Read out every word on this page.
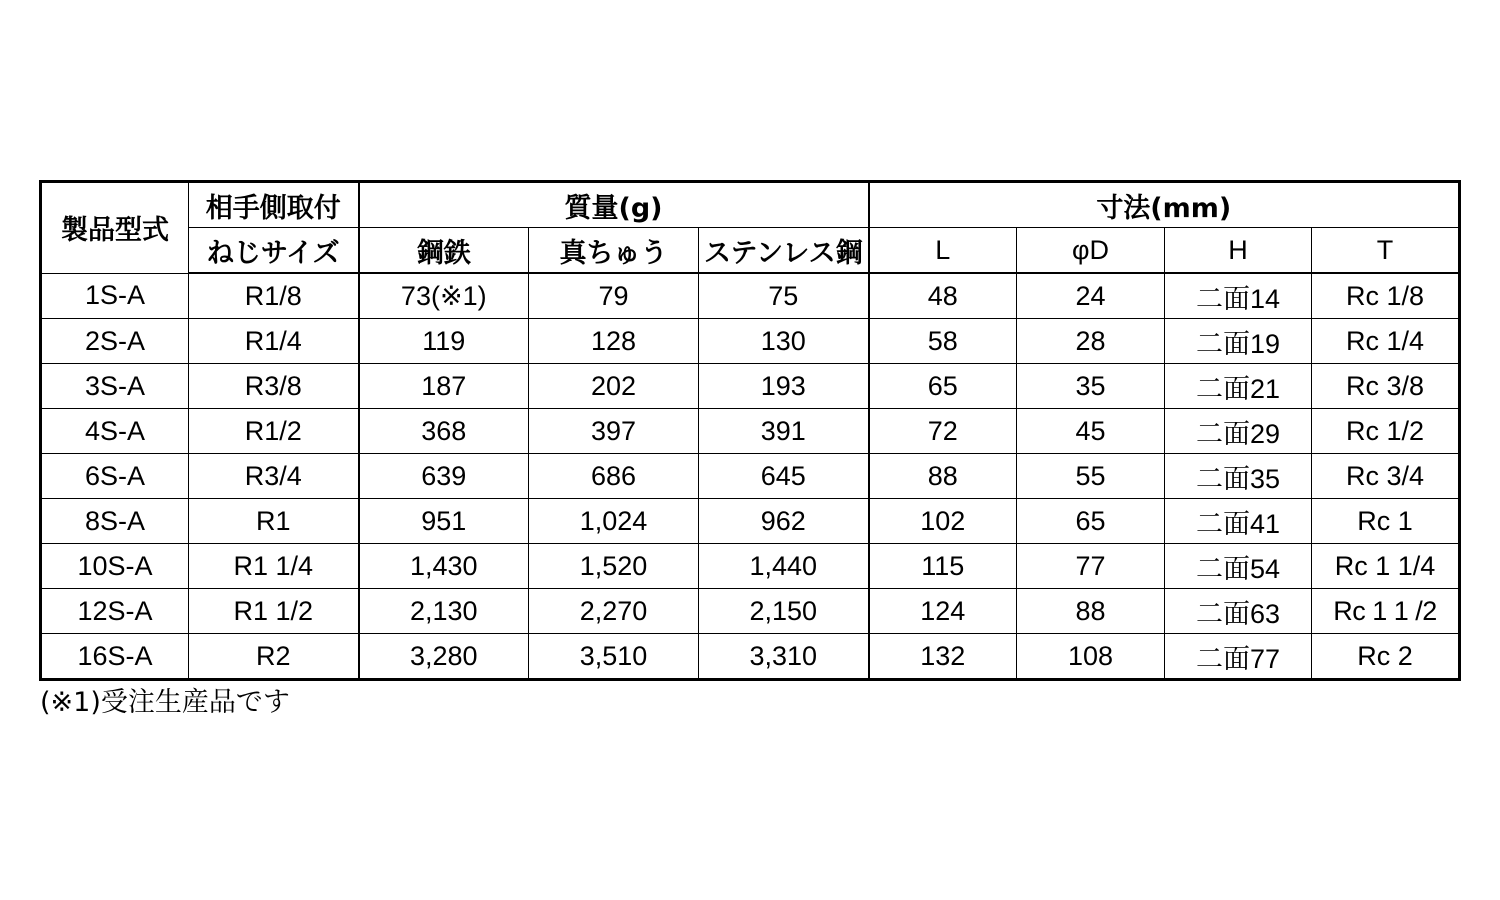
製品型式	相手側取付	質量(g)			寸法(mm)			
	ねじサイズ	鋼鉄	真ちゅう	ステンレス鋼	L	φD	H	T
1S-A	R1/8	73(※1)	79	75	48	24	二面14	Rc 1/8
2S-A	R1/4	119	128	130	58	28	二面19	Rc 1/4
3S-A	R3/8	187	202	193	65	35	二面21	Rc 3/8
4S-A	R1/2	368	397	391	72	45	二面29	Rc 1/2
6S-A	R3/4	639	686	645	88	55	二面35	Rc 3/4
8S-A	R1	951	1,024	962	102	65	二面41	Rc 1
10S-A	R1 1/4	1,430	1,520	1,440	115	77	二面54	Rc 1 1/4
12S-A	R1 1/2	2,130	2,270	2,150	124	88	二面63	Rc 1 1 /2
16S-A	R2	3,280	3,510	3,310	132	108	二面77	Rc 2
(※1)受注生産品です
